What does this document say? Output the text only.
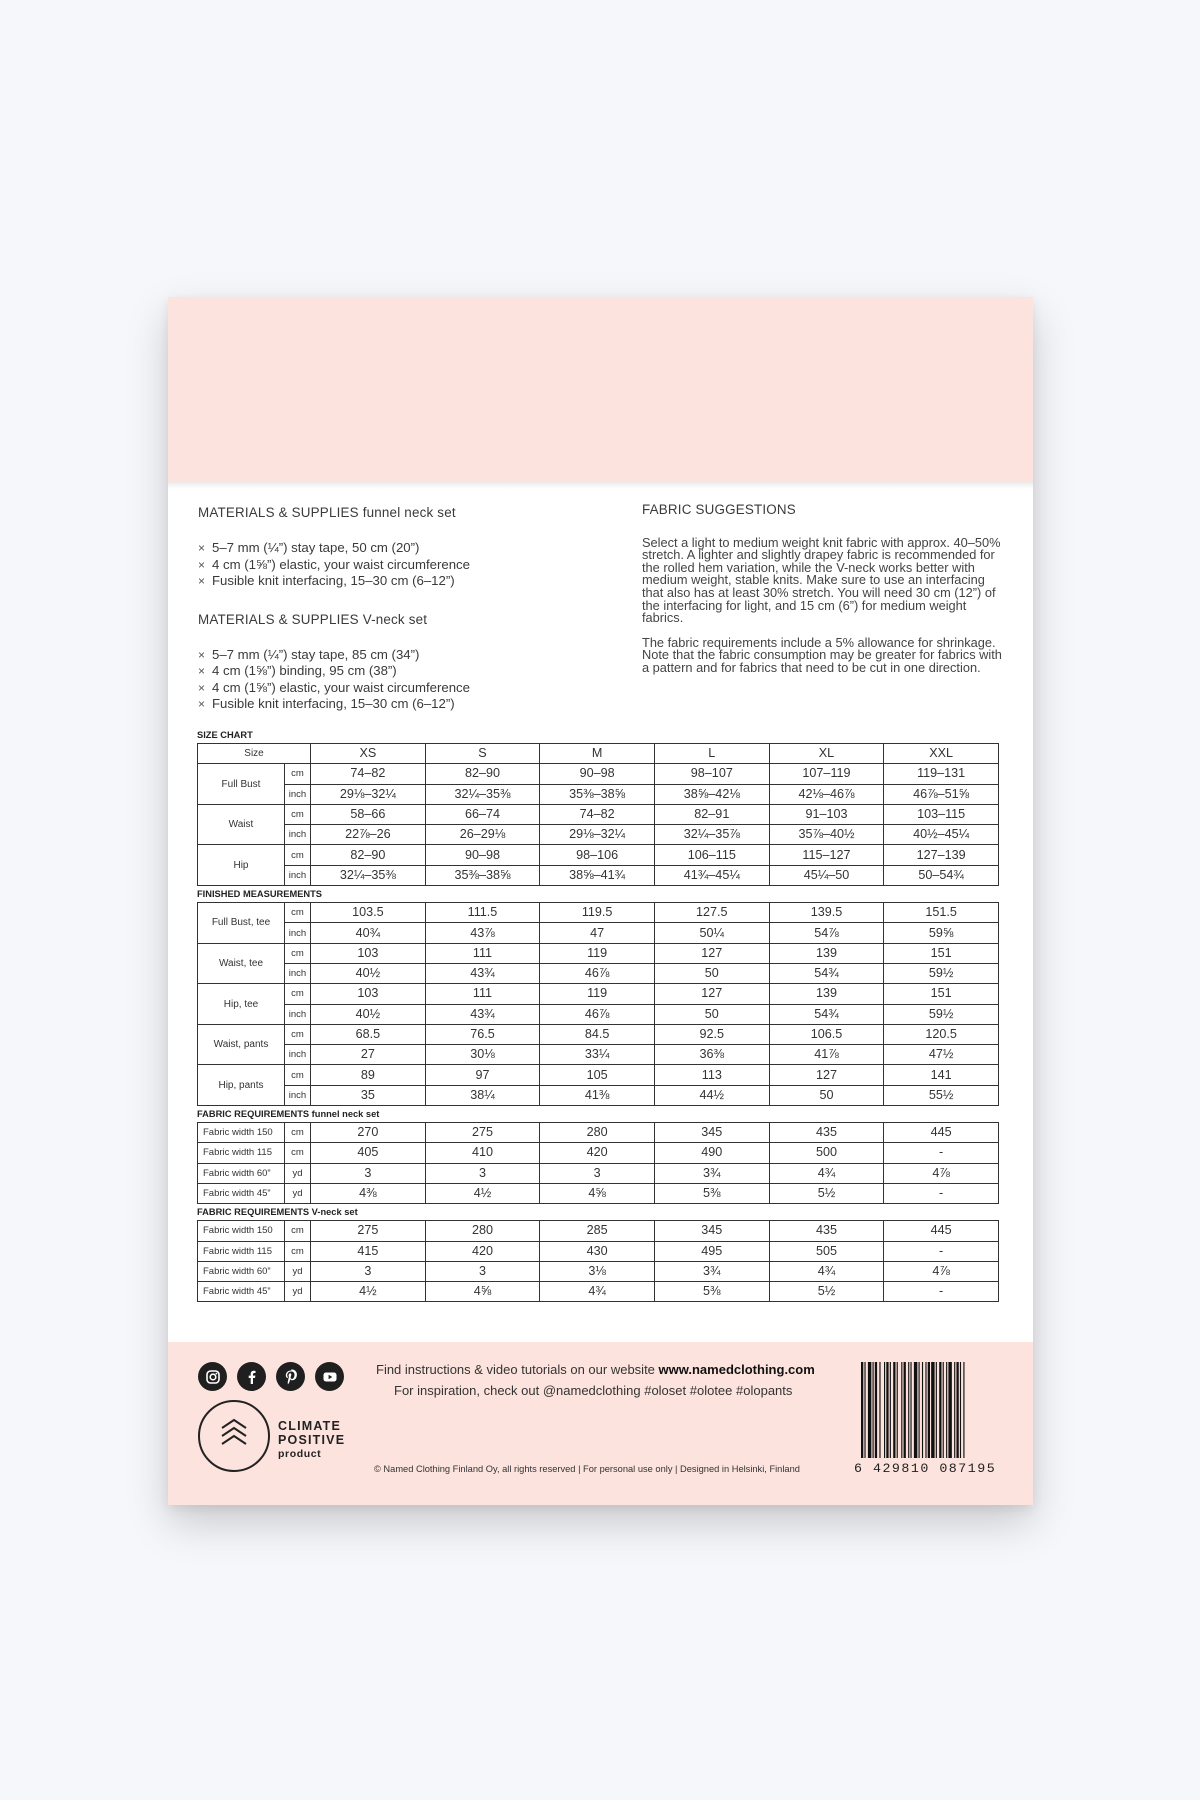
MATERIALS & SUPPLIES funnel neck set
× 5–7 mm (¼”) stay tape, 50 cm (20”)
× 4 cm (1⅝”) elastic, your waist circumference
× Fusible knit interfacing, 15–30 cm (6–12”)
MATERIALS & SUPPLIES V-neck set
× 5–7 mm (¼”) stay tape, 85 cm (34”)
× 4 cm (1⅝”) binding, 95 cm (38”)
× 4 cm (1⅝”) elastic, your waist circumference
× Fusible knit interfacing, 15–30 cm (6–12”)
FABRIC SUGGESTIONS

Select a light to medium weight knit fabric with approx. 40–50% stretch. A lighter and slightly drapey fabric is recommended for the rolled hem variation, while the V-neck works better with medium weight, stable knits. Make sure to use an interfacing that also has at least 30% stretch. You will need 30 cm (12”) of the interfacing for light, and 15 cm (6”) for medium weight fabrics.

The fabric requirements include a 5% allowance for shrinkage. Note that the fabric consumption may be greater for fabrics with a pattern and for fabrics that need to be cut in one direction.

SIZE CHART
Size		XS	S	M	L	XL	XXL
Full Bust	cm	74–82	82–90	90–98	98–107	107–119	119–131
	inch	29⅛–32¼	32¼–35⅜	35⅜–38⅝	38⅝–42⅛	42⅛–46⅞	46⅞–51⅝
Waist	cm	58–66	66–74	74–82	82–91	91–103	103–115
	inch	22⅞–26	26–29⅛	29⅛–32¼	32¼–35⅞	35⅞–40½	40½–45¼
Hip	cm	82–90	90–98	98–106	106–115	115–127	127–139
	inch	32¼–35⅜	35⅜–38⅝	38⅝–41¾	41¾–45¼	45¼–50	50–54¾
FINISHED MEASUREMENTS
Full Bust, tee	cm	103.5	111.5	119.5	127.5	139.5	151.5
	inch	40¾	43⅞	47	50¼	54⅞	59⅝
Waist, tee	cm	103	111	119	127	139	151
	inch	40½	43¾	46⅞	50	54¾	59½
Hip, tee	cm	103	111	119	127	139	151
	inch	40½	43¾	46⅞	50	54¾	59½
Waist, pants	cm	68.5	76.5	84.5	92.5	106.5	120.5
	inch	27	30⅛	33¼	36⅜	41⅞	47½
Hip, pants	cm	89	97	105	113	127	141
	inch	35	38¼	41⅜	44½	50	55½
FABRIC REQUIREMENTS funnel neck set
Fabric width 150	cm	270	275	280	345	435	445
Fabric width 115	cm	405	410	420	490	500	-
Fabric width 60”	yd	3	3	3	3¾	4¾	4⅞
Fabric width 45”	yd	4⅜	4½	4⅝	5⅜	5½	-
FABRIC REQUIREMENTS V-neck set
Fabric width 150	cm	275	280	285	345	435	445
Fabric width 115	cm	415	420	430	495	505	-
Fabric width 60”	yd	3	3	3⅛	3¾	4¾	4⅞
Fabric width 45”	yd	4½	4⅝	4¾	5⅜	5½	-
CLIMATE
POSITIVE
product
Find instructions & video tutorials on our website www.namedclothing.com
For inspiration, check out @namedclothing #oloset #olotee #olopants
© Named Clothing Finland Oy, all rights reserved | For personal use only | Designed in Helsinki, Finland	6 429810 087195
